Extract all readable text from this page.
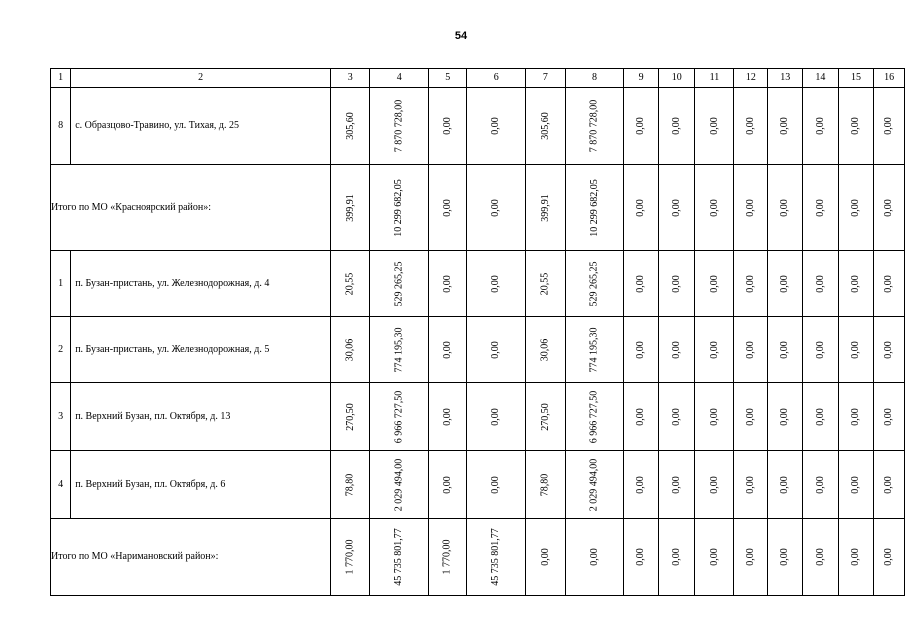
54
1	2	3	4	5	6	7	8	9	10	11	12	13	14	15	16
8	с. Образцово-Травино, ул. Тихая, д. 25	305,60	7 870 728,00	0,00	0,00	305,60	7 870 728,00	0,00	0,00	0,00	0,00	0,00	0,00	0,00	0,00
Итого по МО «Красноярский район»:		399,91	10 299 682,05	0,00	0,00	399,91	10 299 682,05	0,00	0,00	0,00	0,00	0,00	0,00	0,00	0,00
1	п. Бузан-пристань, ул. Железнодорожная, д. 4	20,55	529 265,25	0,00	0,00	20,55	529 265,25	0,00	0,00	0,00	0,00	0,00	0,00	0,00	0,00
2	п. Бузан-пристань, ул. Железнодорожная, д. 5	30,06	774 195,30	0,00	0,00	30,06	774 195,30	0,00	0,00	0,00	0,00	0,00	0,00	0,00	0,00
3	п. Верхний Бузан, пл. Октября, д. 13	270,50	6 966 727,50	0,00	0,00	270,50	6 966 727,50	0,00	0,00	0,00	0,00	0,00	0,00	0,00	0,00
4	п. Верхний Бузан, пл. Октября, д. 6	78,80	2 029 494,00	0,00	0,00	78,80	2 029 494,00	0,00	0,00	0,00	0,00	0,00	0,00	0,00	0,00
Итого по МО «Наримановский район»:		1 770,00	45 735 801,77	1 770,00	45 735 801,77	0,00	0,00	0,00	0,00	0,00	0,00	0,00	0,00	0,00	0,00
